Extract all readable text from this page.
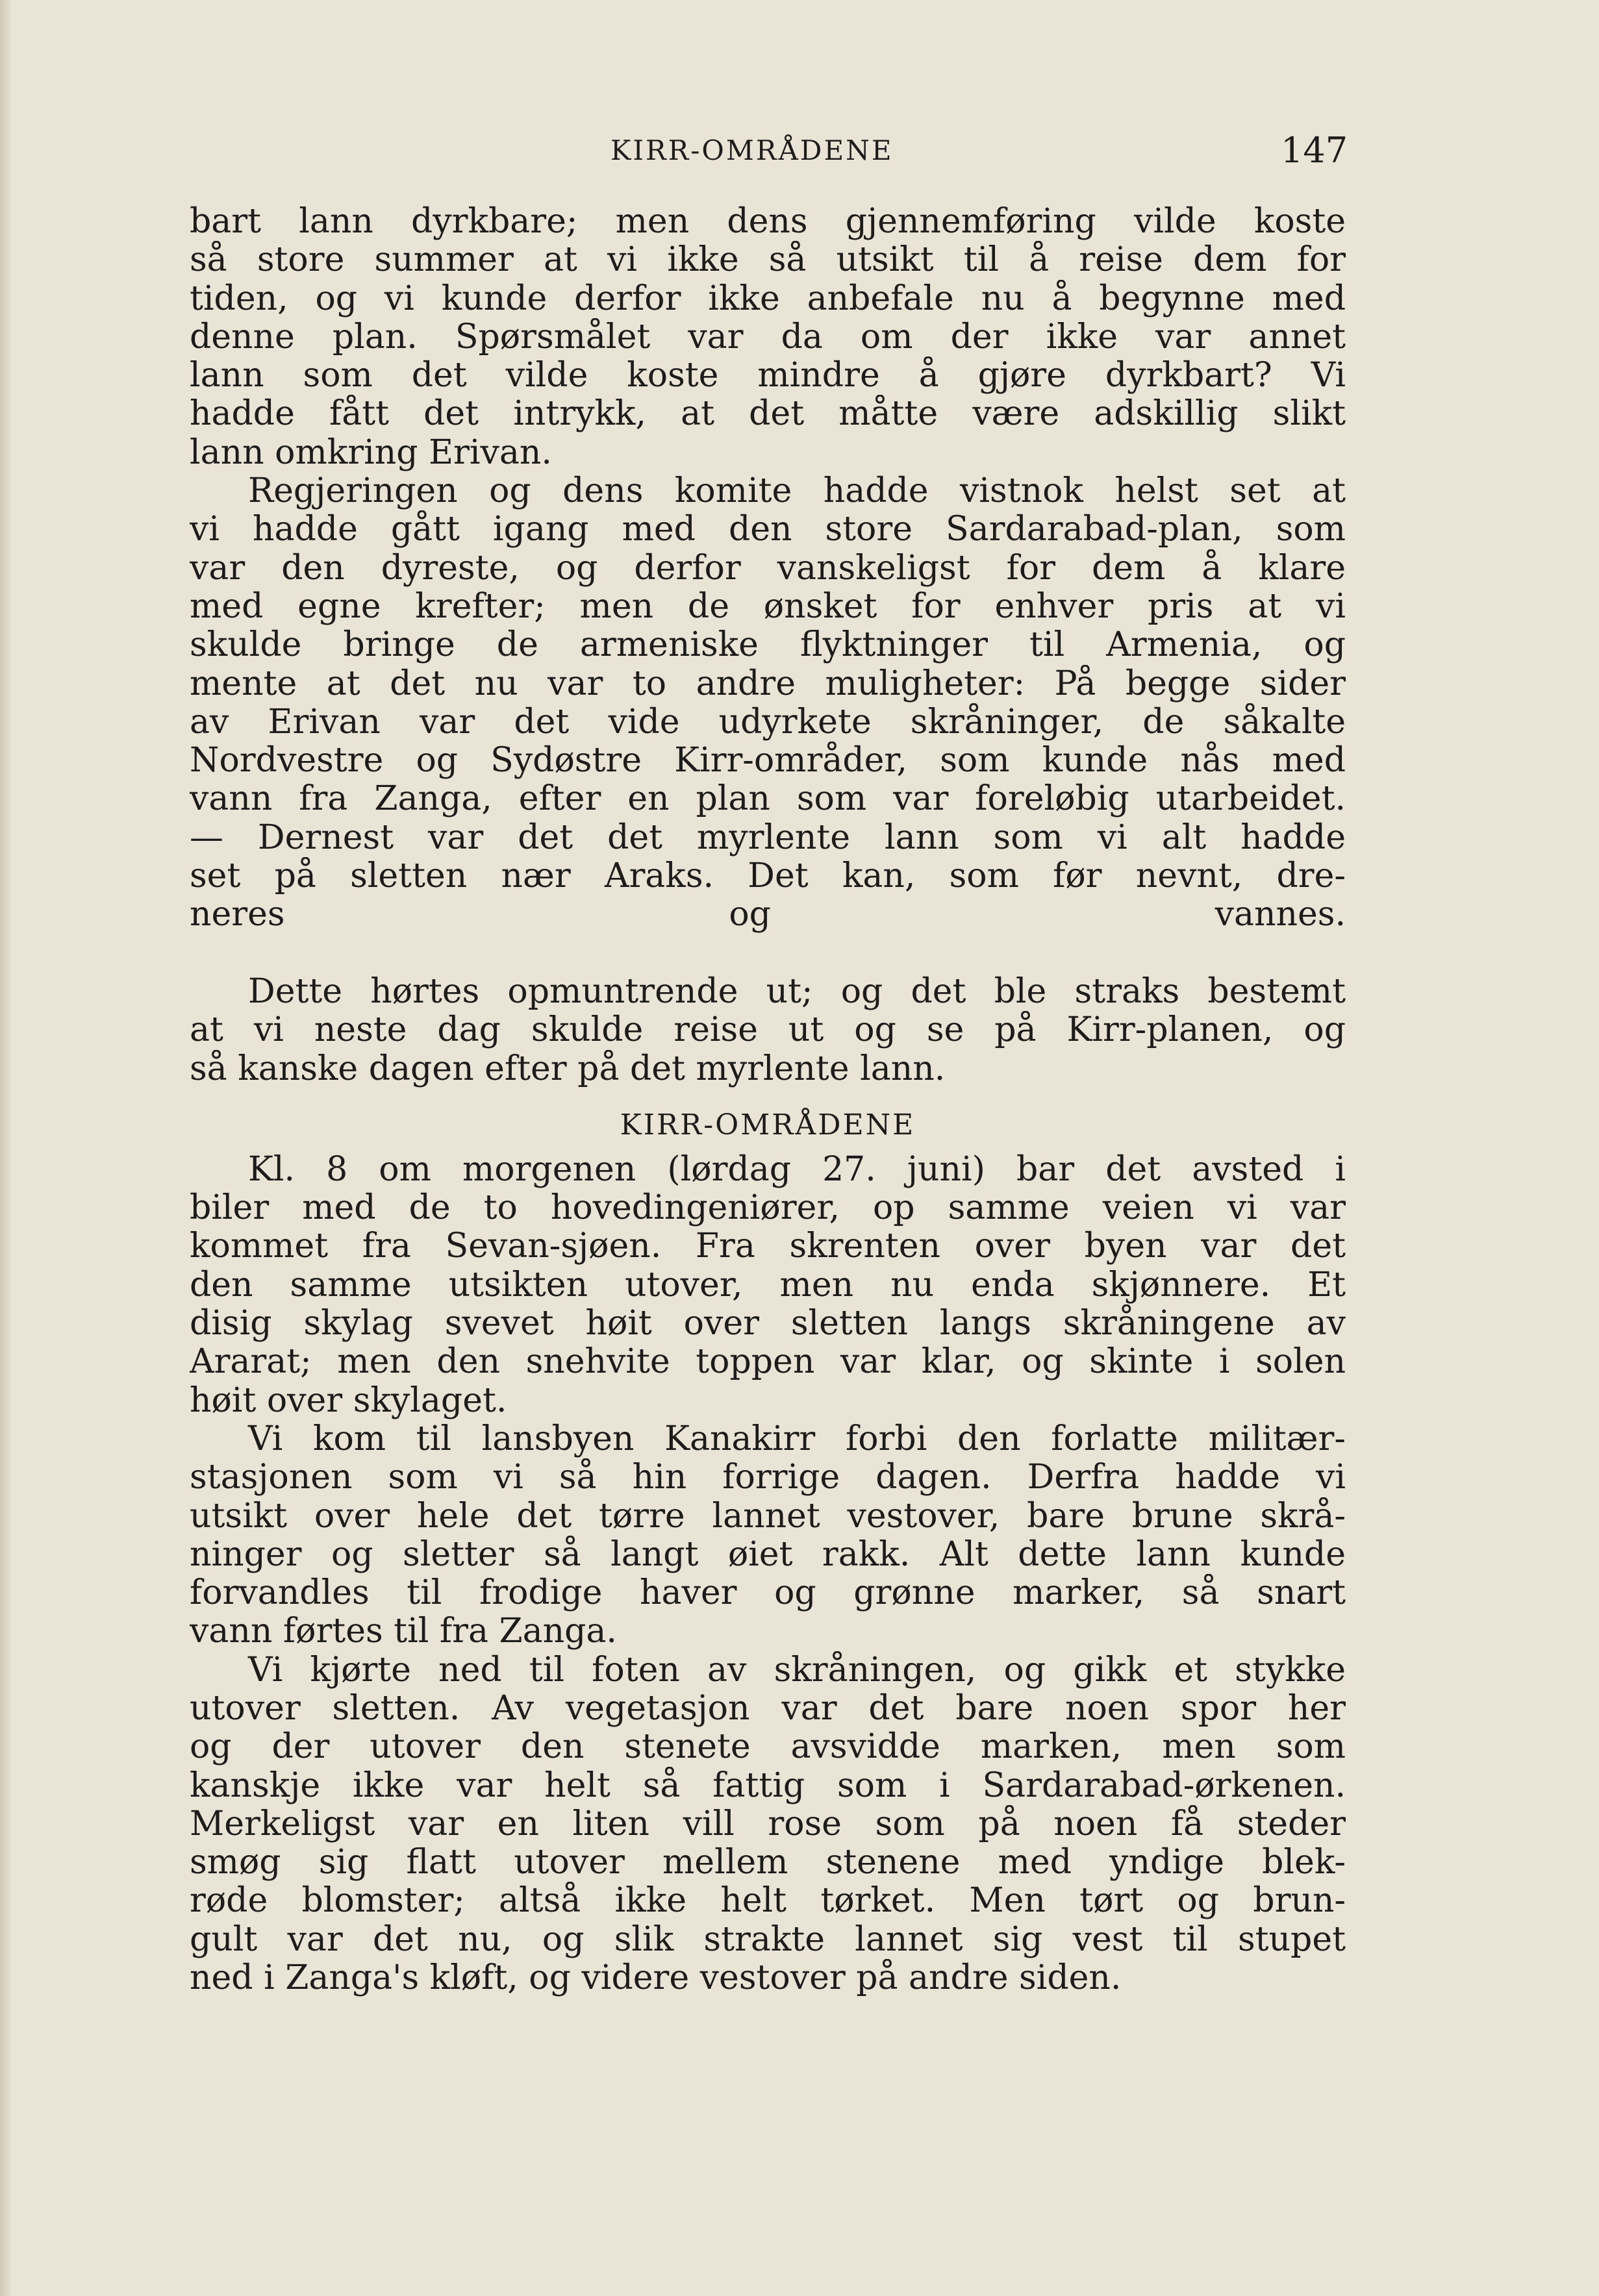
KIRR-OMRÅDENE	147
bart lann dyrkbare; men dens gjennemføring vilde koste
så store summer at vi ikke så utsikt til å reise dem for
tiden, og vi kunde derfor ikke anbefale nu å begynne med
denne plan. Spørsmålet var da om der ikke var annet
lann som det vilde koste mindre å gjøre dyrkbart? Vi
hadde fått det intrykk, at det måtte være adskillig slikt
lann omkring Erivan.
Regjeringen og dens komite hadde vistnok helst set at
vi hadde gått igang med den store Sardarabad-plan, som
var den dyreste, og derfor vanskeligst for dem å klare
med egne krefter; men de ønsket for enhver pris at vi
skulde bringe de armeniske flyktninger til Armenia, og
mente at det nu var to andre muligheter: På begge sider
av Erivan var det vide udyrkete skråninger, de såkalte
Nordvestre og Sydøstre Kirr-områder, som kunde nås med
vann fra Zanga, efter en plan som var foreløbig utarbeidet.
— Dernest var det det myrlente lann som vi alt hadde
set på sletten nær Araks. Det kan, som før nevnt, dre-
neres og vannes.
Dette hørtes opmuntrende ut; og det ble straks bestemt
at vi neste dag skulde reise ut og se på Kirr-planen, og
så kanske dagen efter på det myrlente lann.
KIRR-OMRÅDENE
Kl. 8 om morgenen (lørdag 27. juni) bar det avsted i
biler med de to hovedingeniører, op samme veien vi var
kommet fra Sevan-sjøen. Fra skrenten over byen var det
den samme utsikten utover, men nu enda skjønnere. Et
disig skylag svevet høit over sletten langs skråningene av
Ararat; men den snehvite toppen var klar, og skinte i solen
høit over skylaget.
Vi kom til lansbyen Kanakirr forbi den forlatte militær-
stasjonen som vi så hin forrige dagen. Derfra hadde vi
utsikt over hele det tørre lannet vestover, bare brune skrå-
ninger og sletter så langt øiet rakk. Alt dette lann kunde
forvandles til frodige haver og grønne marker, så snart
vann førtes til fra Zanga.
Vi kjørte ned til foten av skråningen, og gikk et stykke
utover sletten. Av vegetasjon var det bare noen spor her
og der utover den stenete avsvidde marken, men som
kanskje ikke var helt så fattig som i Sardarabad-ørkenen.
Merkeligst var en liten vill rose som på noen få steder
smøg sig flatt utover mellem stenene med yndige blek-
røde blomster; altså ikke helt tørket. Men tørt og brun-
gult var det nu, og slik strakte lannet sig vest til stupet
ned i Zanga's kløft, og videre vestover på andre siden.
